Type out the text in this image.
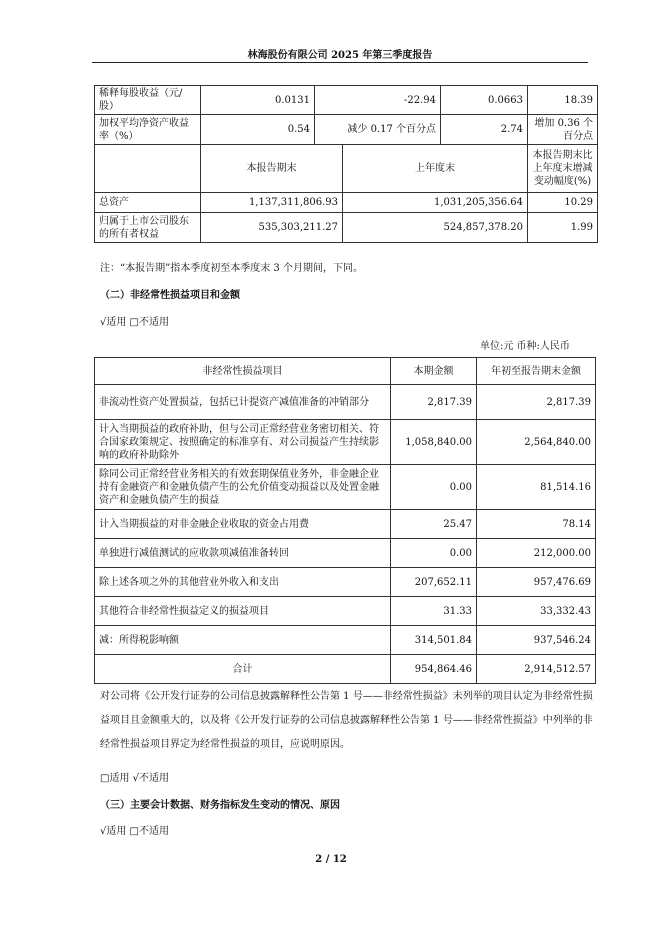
林海股份有限公司 2025 年第三季度报告
稀释每股收益（元/股）	0.0131	-22.94		0.0663	18.39
加权平均净资产收益率（%）	0.54	减少 0.17 个百分点		2.74	增加 0.36 个百分点
	本报告期末		上年度末		本报告期末比上年度末增减变动幅度(%)
总资产	1,137,311,806.93		1,031,205,356.64		10.29
归属于上市公司股东的所有者权益	535,303,211.27		524,857,378.20		1.99
注：“本报告期”指本季度初至本季度末 3 个月期间，下同。
（二）非经常性损益项目和金额
√适用 □不适用
单位:元 币种:人民币
非经常性损益项目	本期金额	年初至报告期末金额
非流动性资产处置损益，包括已计提资产减值准备的冲销部分	2,817.39	2,817.39
计入当期损益的政府补助，但与公司正常经营业务密切相关、符合国家政策规定、按照确定的标准享有、对公司损益产生持续影响的政府补助除外	1,058,840.00	2,564,840.00
除同公司正常经营业务相关的有效套期保值业务外，非金融企业持有金融资产和金融负债产生的公允价值变动损益以及处置金融资产和金融负债产生的损益	0.00	81,514.16
计入当期损益的对非金融企业收取的资金占用费	25.47	78.14
单独进行减值测试的应收款项减值准备转回	0.00	212,000.00
除上述各项之外的其他营业外收入和支出	207,652.11	957,476.69
其他符合非经常性损益定义的损益项目	31.33	33,332.43
减：所得税影响额	314,501.84	937,546.24
合计	954,864.46	2,914,512.57
对公司将《公开发行证券的公司信息披露解释性公告第 1 号——非经常性损益》未列举的项目认定为非经常性损益项目且金额重大的，以及将《公开发行证券的公司信息披露解释性公告第 1 号——非经常性损益》中列举的非经常性损益项目界定为经常性损益的项目，应说明原因。
□适用 √不适用
（三）主要会计数据、财务指标发生变动的情况、原因
√适用 □不适用
2 / 12
